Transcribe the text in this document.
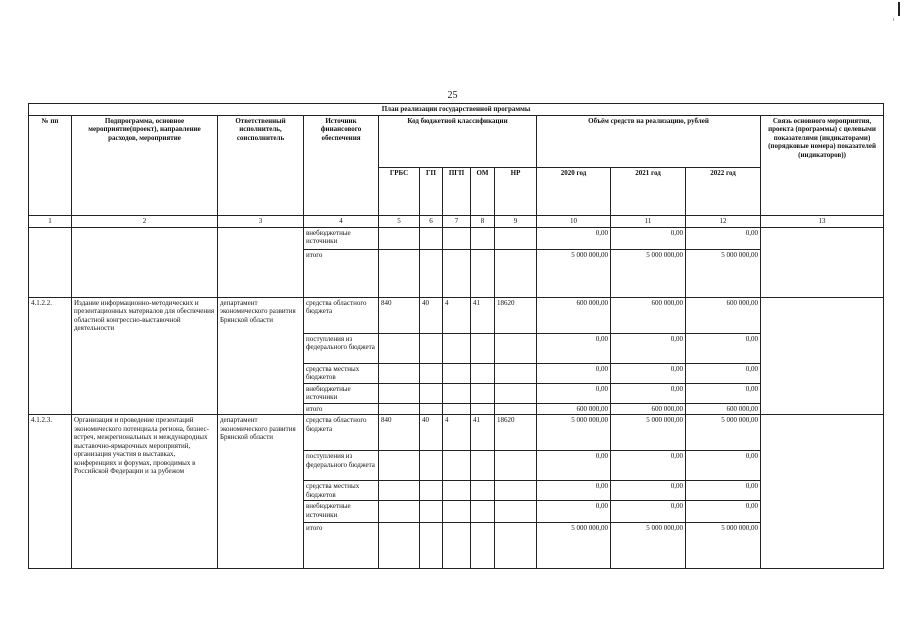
25
План реализации государственной программы												
№ пп	Подпрограмма, основное мероприятие(проект), направление расходов, мероприятие	Ответственный исполнитель, соисполнитель	Источник финансового обеспечения	Код бюджетной классификации					Объём средств на реализацию, рублей			Связь основного мероприятия, проекта (программы) с целевыми показателями (индикаторами) (порядковые номера) показателей (индикаторов))
				ГРБС	ГП	ПГП	ОМ	НР	2020 год	2021 год	2022 год	
1	2	3	4	5	6	7	8	9	10	11	12	13
			внебюджетные источники						0,00	0,00	0,00	
			итого						5 000 000,00	5 000 000,00	5 000 000,00	
4.1.2.2.	Издание информационно-методических и презентационных материалов для обеспечения областной конгрессно-выставочной деятельности	департамент экономического развития Брянской области	средства областного бюджета	840	40	4	41	18620	600 000,00	600 000,00	600 000,00	
			поступления из федерального бюджета						0,00	0,00	0,00	
			средства местных бюджетов						0,00	0,00	0,00	
			внебюджетные источники						0,00	0,00	0,00	
			итого						600 000,00	600 000,00	600 000,00	
4.1.2.3.	Организация и проведение презентаций экономического потенциала региона, бизнес-встреч, межрегиональных и международных выставочно-ярмарочных мероприятий, организация участия в выставках, конференциях и форумах, проводимых в Российской Федерации и за рубежом	департамент экономического развития Брянской области	средства областного бюджета	840	40	4	41	18620	5 000 000,00	5 000 000,00	5 000 000,00	
			поступления из федерального бюджета						0,00	0,00	0,00	
			средства местных бюджетов						0,00	0,00	0,00	
			внебюджетные источники						0,00	0,00	0,00	
			итого						5 000 000,00	5 000 000,00	5 000 000,00	
